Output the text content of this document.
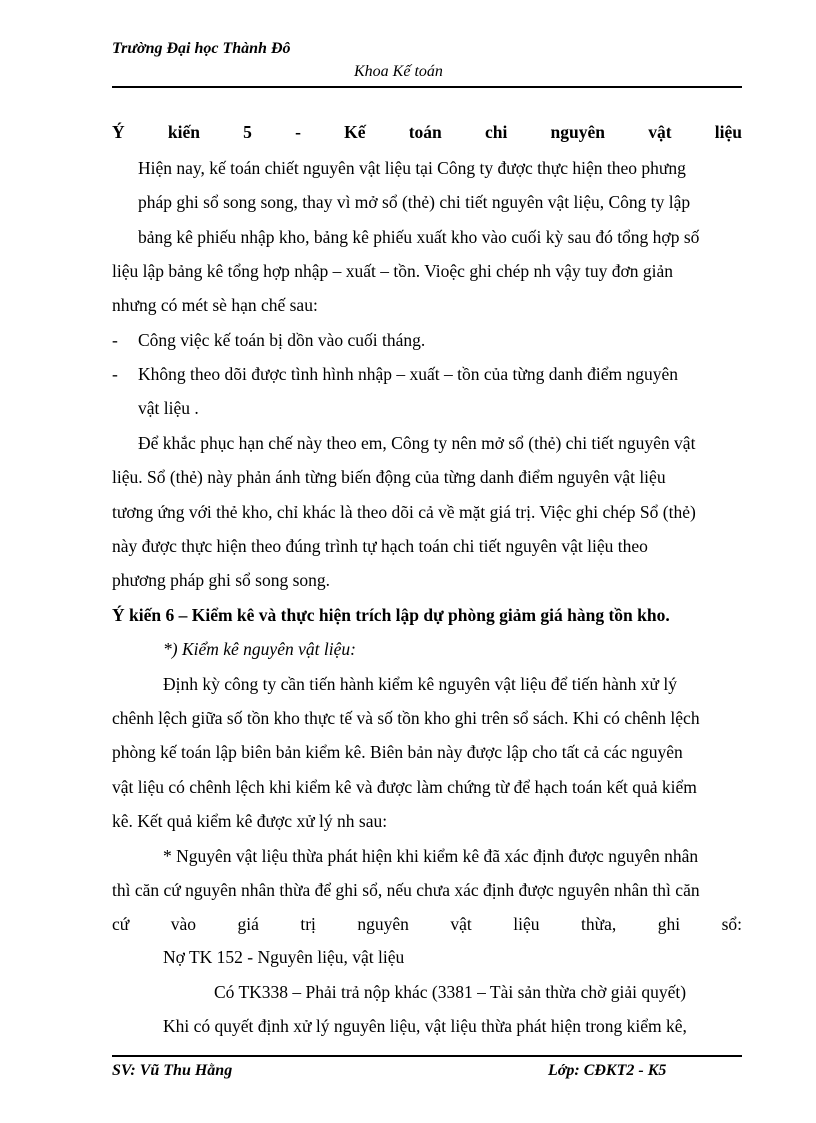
Trường Đại học Thành Đô
Khoa Kế toán
Ý kiến 5 - Kế toán chi nguyên vật liệu
Hiện nay, kế toán chiết nguyên vật liệu tại Công ty được thực hiện theo phưng
pháp ghi sổ song song, thay vì mở sổ (thẻ) chi tiết nguyên vật liệu, Công ty lập
bảng kê phiếu nhập kho, bảng kê phiếu xuất kho vào cuối kỳ sau đó tổng hợp số
liệu lập bảng kê tổng hợp nhập – xuất – tồn. Vioệc ghi chép nh vậy tuy đơn giản
nhưng có mét sè hạn chế sau:
- Công việc kế toán bị dồn vào cuối tháng.
- Không theo dõi được tình hình nhập – xuất – tồn của từng danh điểm nguyên
vật liệu .
Để khắc phục hạn chế này theo em, Công ty nên mở sổ (thẻ) chi tiết nguyên vật
liệu. Sổ (thẻ) này phản ánh từng biến động của từng danh điểm nguyên vật liệu
tương ứng với thẻ kho, chỉ khác là theo dõi cả về mặt giá trị. Việc ghi chép Sổ (thẻ)
này được thực hiện theo đúng trình tự hạch toán chi tiết nguyên vật liệu theo
phương pháp ghi sổ song song.
Ý kiến 6 – Kiểm kê và thực hiện trích lập dự phòng giảm giá hàng tồn kho.
*) Kiểm kê nguyên vật liệu:
Định kỳ công ty cần tiến hành kiểm kê nguyên vật liệu để tiến hành xử lý
chênh lệch giữa số tồn kho thực tế và số tồn kho ghi trên sổ sách. Khi có chênh lệch
phòng kế toán lập biên bản kiểm kê. Biên bản này được lập cho tất cả các nguyên
vật liệu có chênh lệch khi kiểm kê và được làm chứng từ để hạch toán kết quả kiểm
kê. Kết quả kiểm kê được xử lý nh sau:
* Nguyên vật liệu thừa phát hiện khi kiểm kê đã xác định được nguyên nhân
thì căn cứ nguyên nhân thừa để ghi sổ, nếu chưa xác định được nguyên nhân thì căn
cứ vào giá trị nguyên vật liệu thừa, ghi sổ:
Nợ TK 152 - Nguyên liệu, vật liệu
Có TK338 – Phải trả nộp khác (3381 – Tài sản thừa chờ giải quyết)
Khi có quyết định xử lý nguyên liệu, vật liệu thừa phát hiện trong kiểm kê,
SV: Vũ Thu Hằng	Lớp: CĐKT2 - K5
